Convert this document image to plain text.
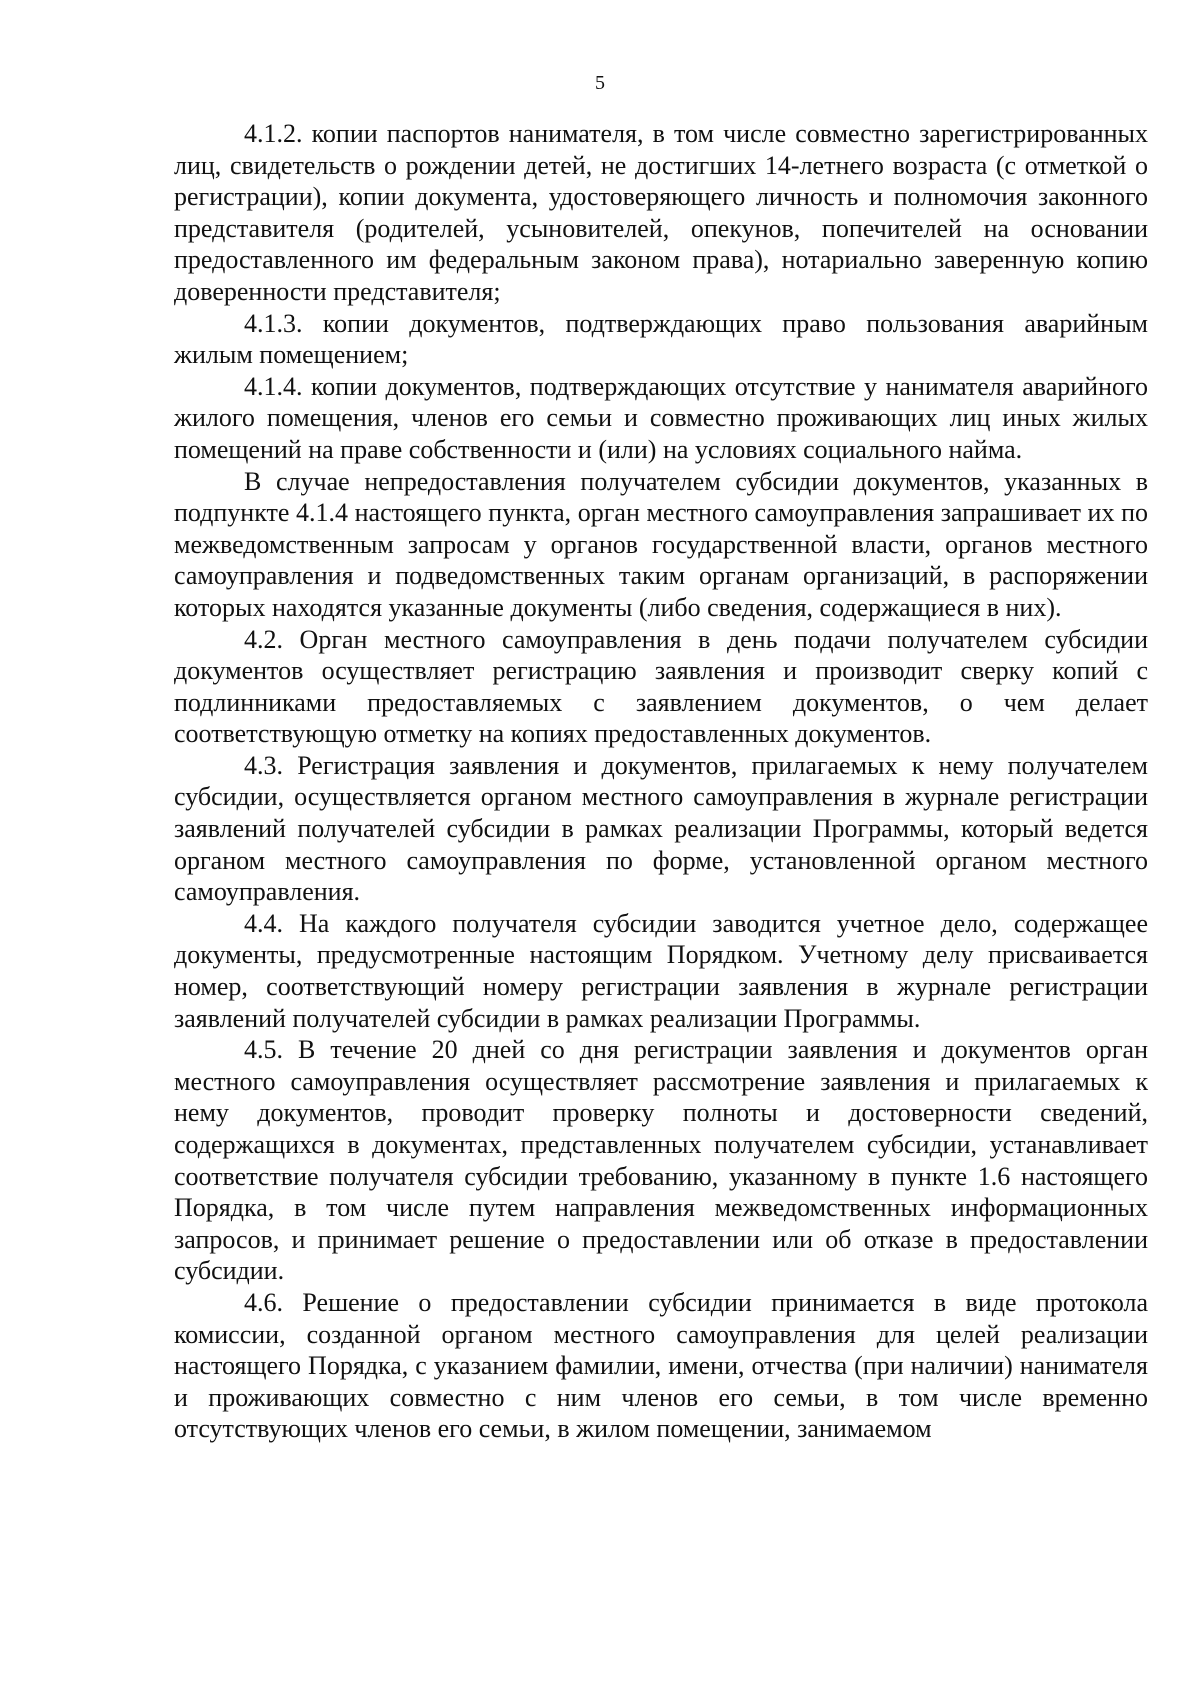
5

4.1.2. копии паспортов нанимателя, в том числе совместно зарегистрированных лиц, свидетельств о рождении детей, не достигших 14-летнего возраста (с отметкой о регистрации), копии документа, удостоверяющего личность и полномочия законного представителя (родителей, усыновителей, опекунов, попечителей на основании предоставленного им федеральным законом права), нотариально заверенную копию доверенности представителя;

4.1.3. копии документов, подтверждающих право пользования аварийным жилым помещением;

4.1.4. копии документов, подтверждающих отсутствие у нанимателя аварийного жилого помещения, членов его семьи и совместно проживающих лиц иных жилых помещений на праве собственности и (или) на условиях социального найма.

В случае непредоставления получателем субсидии документов, указанных в подпункте 4.1.4 настоящего пункта, орган местного самоуправления запрашивает их по межведомственным запросам у органов государственной власти, органов местного самоуправления и подведомственных таким органам организаций, в распоряжении которых находятся указанные документы (либо сведения, содержащиеся в них).

4.2. Орган местного самоуправления в день подачи получателем субсидии документов осуществляет регистрацию заявления и производит сверку копий с подлинниками предоставляемых с заявлением документов, о чем делает соответствующую отметку на копиях предоставленных документов.

4.3. Регистрация заявления и документов, прилагаемых к нему получателем субсидии, осуществляется органом местного самоуправления в журнале регистрации заявлений получателей субсидии в рамках реализации Программы, который ведется органом местного самоуправления по форме, установленной органом местного самоуправления.

4.4. На каждого получателя субсидии заводится учетное дело, содержащее документы, предусмотренные настоящим Порядком. Учетному делу присваивается номер, соответствующий номеру регистрации заявления в журнале регистрации заявлений получателей субсидии в рамках реализации Программы.

4.5. В течение 20 дней со дня регистрации заявления и документов орган местного самоуправления осуществляет рассмотрение заявления и прилагаемых к нему документов, проводит проверку полноты и достоверности сведений, содержащихся в документах, представленных получателем субсидии, устанавливает соответствие получателя субсидии требованию, указанному в пункте 1.6 настоящего Порядка, в том числе путем направления межведомственных информационных запросов, и принимает решение о предоставлении или об отказе в предоставлении субсидии.

4.6. Решение о предоставлении субсидии принимается в виде протокола комиссии, созданной органом местного самоуправления для целей реализации настоящего Порядка, с указанием фамилии, имени, отчества (при наличии) нанимателя и проживающих совместно с ним членов его семьи, в том числе временно отсутствующих членов его семьи, в жилом помещении, занимаемом
